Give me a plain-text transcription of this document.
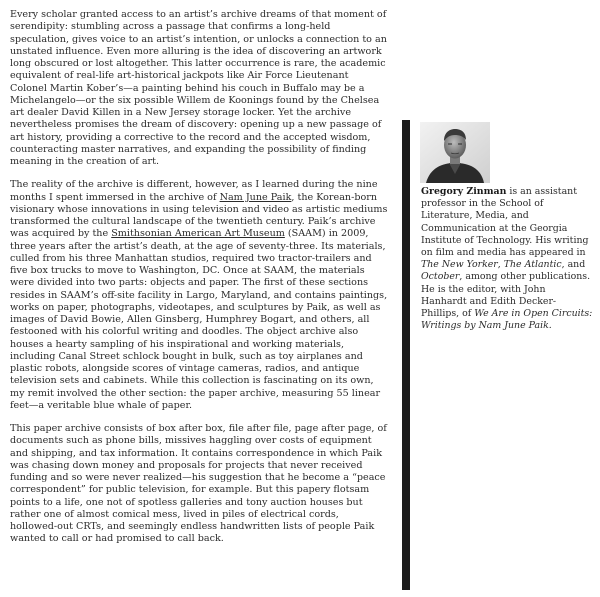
Every scholar granted access to an artist’s archive dreams of that moment of serendipity: stumbling across a passage that confirms a long-held speculation, gives voice to an artist’s intention, or unlocks a connection to an unstated influence. Even more alluring is the idea of discovering an artwork long obscured or lost altogether. This latter occurrence is rare, the academic equivalent of real-life art-historical jackpots like Air Force Lieutenant Colonel Martin Kober’s—a painting behind his couch in Buffalo may be a Michelangelo—or the six possible Willem de Koonings found by the Chelsea art dealer David Killen in a New Jersey storage locker. Yet the archive nevertheless promises the dream of discovery: opening up a new passage of art history, providing a corrective to the record and the accepted wisdom, counteracting master narratives, and expanding the possibility of finding meaning in the creation of art.

The reality of the archive is different, however, as I learned during the nine months I spent immersed in the archive of Nam June Paik, the Korean-born visionary whose innovations in using television and video as artistic mediums transformed the cultural landscape of the twentieth century. Paik’s archive was acquired by the Smithsonian American Art Museum (SAAM) in 2009, three years after the artist’s death, at the age of seventy-three. Its materials, culled from his three Manhattan studios, required two tractor-trailers and five box trucks to move to Washington, DC. Once at SAAM, the materials were divided into two parts: objects and paper. The first of these sections resides in SAAM’s off-site facility in Largo, Maryland, and contains paintings, works on paper, photographs, videotapes, and sculptures by Paik, as well as images of David Bowie, Allen Ginsberg, Humphrey Bogart, and others, all festooned with his colorful writing and doodles. The object archive also houses a hearty sampling of his inspirational and working materials, including Canal Street schlock bought in bulk, such as toy airplanes and plastic robots, alongside scores of vintage cameras, radios, and antique television sets and cabinets. While this collection is fascinating on its own, my remit involved the other section: the paper archive, measuring 55 linear feet—a veritable blue whale of paper.

This paper archive consists of box after box, file after file, page after page, of documents such as phone bills, missives haggling over costs of equipment and shipping, and tax information. It contains correspondence in which Paik was chasing down money and proposals for projects that never received funding and so were never realized—his suggestion that he become a “peace correspondent” for public television, for example. But this papery flotsam points to a life, one not of spotless galleries and tony auction houses but rather one of almost comical mess, lived in piles of electrical cords, hollowed-out CRTs, and seemingly endless handwritten lists of people Paik wanted to call or had promised to call back.

Gregory Zinman is an assistant professor in the School of Literature, Media, and Communication at the Georgia Institute of Technology. His writing on film and media has appeared in The New Yorker, The Atlantic, and October, among other publications. He is the editor, with John Hanhardt and Edith Decker-Phillips, of We Are in Open Circuits: Writings by Nam June Paik.
